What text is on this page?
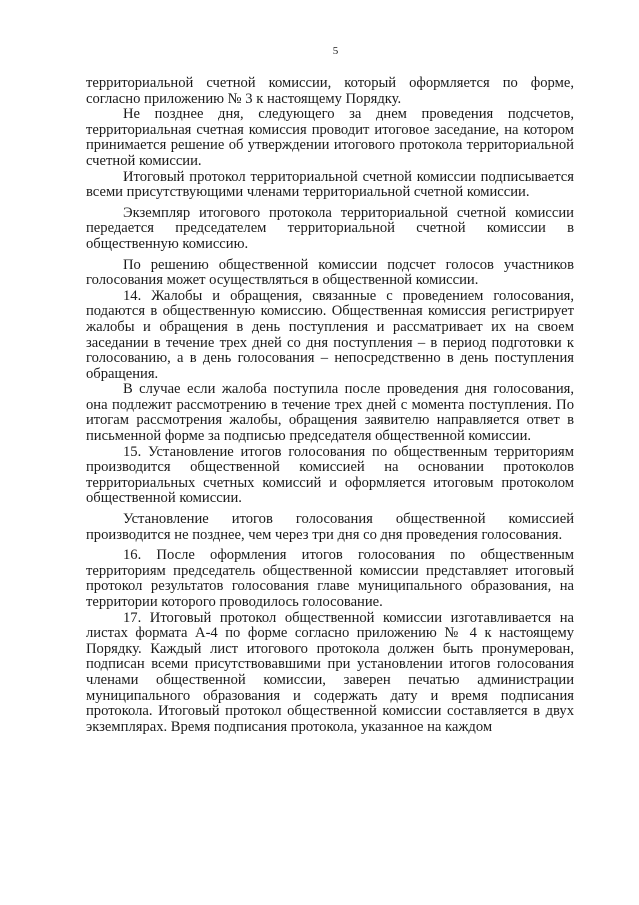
5

территориальной счетной комиссии, который оформляется по форме, согласно приложению № 3 к настоящему Порядку.

Не позднее дня, следующего за днем проведения подсчетов, территориальная счетная комиссия проводит итоговое заседание, на котором принимается решение об утверждении итогового протокола территориальной счетной комиссии.

Итоговый протокол территориальной счетной комиссии подписывается всеми присутствующими членами территориальной счетной комиссии.

Экземпляр итогового протокола территориальной счетной комиссии передается председателем территориальной счетной комиссии в общественную комиссию.

По решению общественной комиссии подсчет голосов участников голосования может осуществляться в общественной комиссии.

14. Жалобы и обращения, связанные с проведением голосования, подаются в общественную комиссию. Общественная комиссия регистрирует жалобы и обращения в день поступления и рассматривает их на своем заседании в течение трех дней со дня поступления – в период подготовки к голосованию, а в день голосования – непосредственно в день поступления обращения.

В случае если жалоба поступила после проведения дня голосования, она подлежит рассмотрению в течение трех дней с момента поступления. По итогам рассмотрения жалобы, обращения заявителю направляется ответ в письменной форме за подписью председателя общественной комиссии.

15. Установление итогов голосования по общественным территориям производится общественной комиссией на основании протоколов территориальных счетных комиссий и оформляется итоговым протоколом общественной комиссии.

Установление итогов голосования общественной комиссией производится не позднее, чем через три дня со дня проведения голосования.

16. После оформления итогов голосования по общественным территориям председатель общественной комиссии представляет итоговый протокол результатов голосования главе муниципального образования, на территории которого проводилось голосование.

17. Итоговый протокол общественной комиссии изготавливается на листах формата А-4 по форме согласно приложению № 4 к настоящему Порядку. Каждый лист итогового протокола должен быть пронумерован, подписан всеми присутствовавшими при установлении итогов голосования членами общественной комиссии, заверен печатью администрации муниципального образования и содержать дату и время подписания протокола. Итоговый протокол общественной комиссии составляется в двух экземплярах. Время подписания протокола, указанное на каждом
